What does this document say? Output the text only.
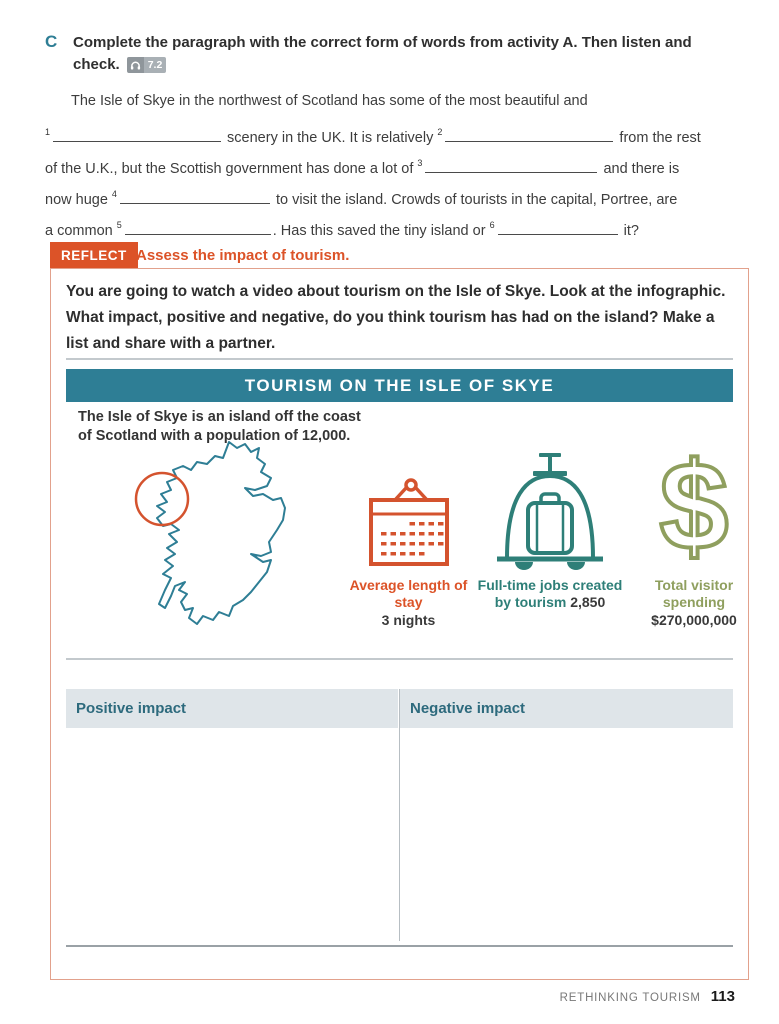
C Complete the paragraph with the correct form of words from activity A. Then listen and
check.	7.2
The Isle of Skye in the northwest of Scotland has some of the most beautiful and
$^1$	scenery in the UK. It is relatively $^2$	from the rest
of the U.K., but the Scottish government has done a lot of $^3$	and there is
now huge $^4$	to visit the island. Crowds of tourists in the capital, Portree, are
a common $^5$	. Has this saved the tiny island or $^6$	it?
REFLECT Assess the impact of tourism.
You are going to watch a video about tourism on the Isle of Skye. Look at the infographic. What impact, positive and negative, do you think tourism has had on the island? Make a list and share with a partner.
TOURISM ON THE ISLE OF SKYE
The Isle of Skye is an island off the coast
of Scotland with a population of 12,000.
Average length of stay
3 nights
Full-time jobs created by tourism 2,850
$
Total visitor spending
$270,000,000
Positive impact	Negative impact
RETHINKING TOURISM 113
